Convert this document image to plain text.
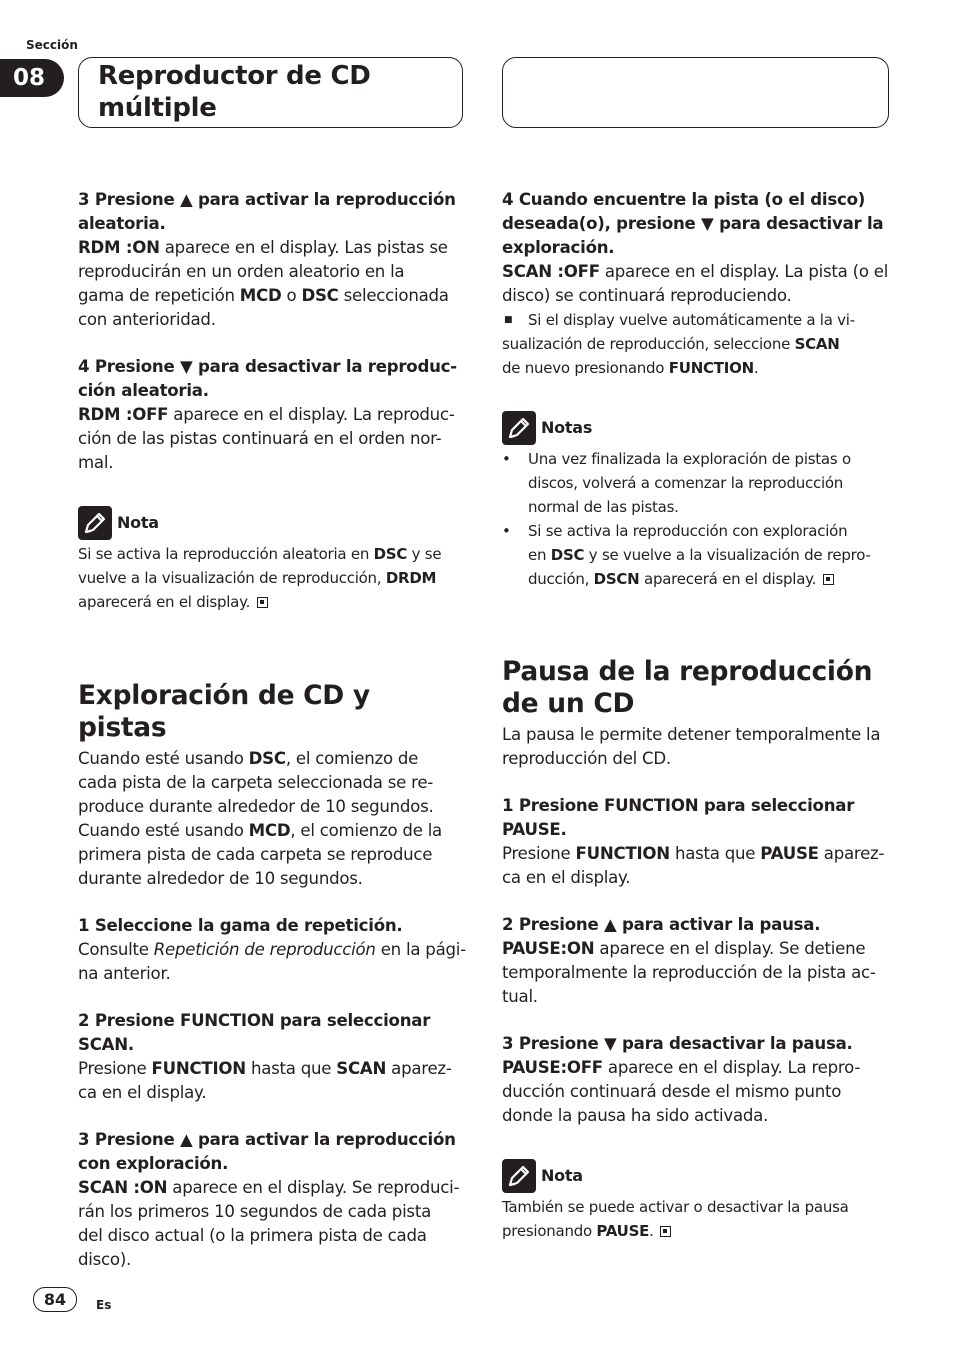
Sección
08	Reproductor de CD
múltiple

3 Presione ▲ para activar la reproducción

aleatoria.

RDM :ON aparece en el display. Las pistas se

reproducirán en un orden aleatorio en la

gama de repetición MCD o DSC seleccionada

con anterioridad.

4 Presione ▼ para desactivar la reproduc-

ción aleatoria.

RDM :OFF aparece en el display. La reproduc-

ción de las pistas continuará en el orden nor-

mal.

Nota

Si se activa la reproducción aleatoria en DSC y se

vuelve a la visualización de reproducción, DRDM

aparecerá en el display.

Exploración de CD y pistas

Cuando esté usando DSC, el comienzo de

cada pista de la carpeta seleccionada se re-

produce durante alrededor de 10 segundos.

Cuando esté usando MCD, el comienzo de la

primera pista de cada carpeta se reproduce

durante alrededor de 10 segundos.

1 Seleccione la gama de repetición.

Consulte Repetición de reproducción en la pági-

na anterior.

2 Presione FUNCTION para seleccionar

SCAN.

Presione FUNCTION hasta que SCAN aparez-

ca en el display.

3 Presione ▲ para activar la reproducción

con exploración.

SCAN :ON aparece en el display. Se reproduci-

rán los primeros 10 segundos de cada pista

del disco actual (o la primera pista de cada

disco).

4 Cuando encuentre la pista (o el disco)

deseada(o), presione ▼ para desactivar la

exploración.

SCAN :OFF aparece en el display. La pista (o el

disco) se continuará reproduciendo.

■	Si el display vuelve automáticamente a la vi-

sualización de reproducción, seleccione SCAN

de nuevo presionando FUNCTION.

Notas
•	Una vez finalizada la exploración de pistas o

discos, volverá a comenzar la reproducción

normal de las pistas.

•	Si se activa la reproducción con exploración

en DSC y se vuelve a la visualización de repro-

ducción, DSCN aparecerá en el display.

Pausa de la reproducción

de un CD

La pausa le permite detener temporalmente la

reproducción del CD.

1 Presione FUNCTION para seleccionar

PAUSE.

Presione FUNCTION hasta que PAUSE aparez-

ca en el display.

2 Presione ▲ para activar la pausa.

PAUSE:ON aparece en el display. Se detiene

temporalmente la reproducción de la pista ac-

tual.

3 Presione ▼ para desactivar la pausa.

PAUSE:OFF aparece en el display. La repro-

ducción continuará desde el mismo punto

donde la pausa ha sido activada.

Nota

También se puede activar o desactivar la pausa

presionando PAUSE.

84	Es
